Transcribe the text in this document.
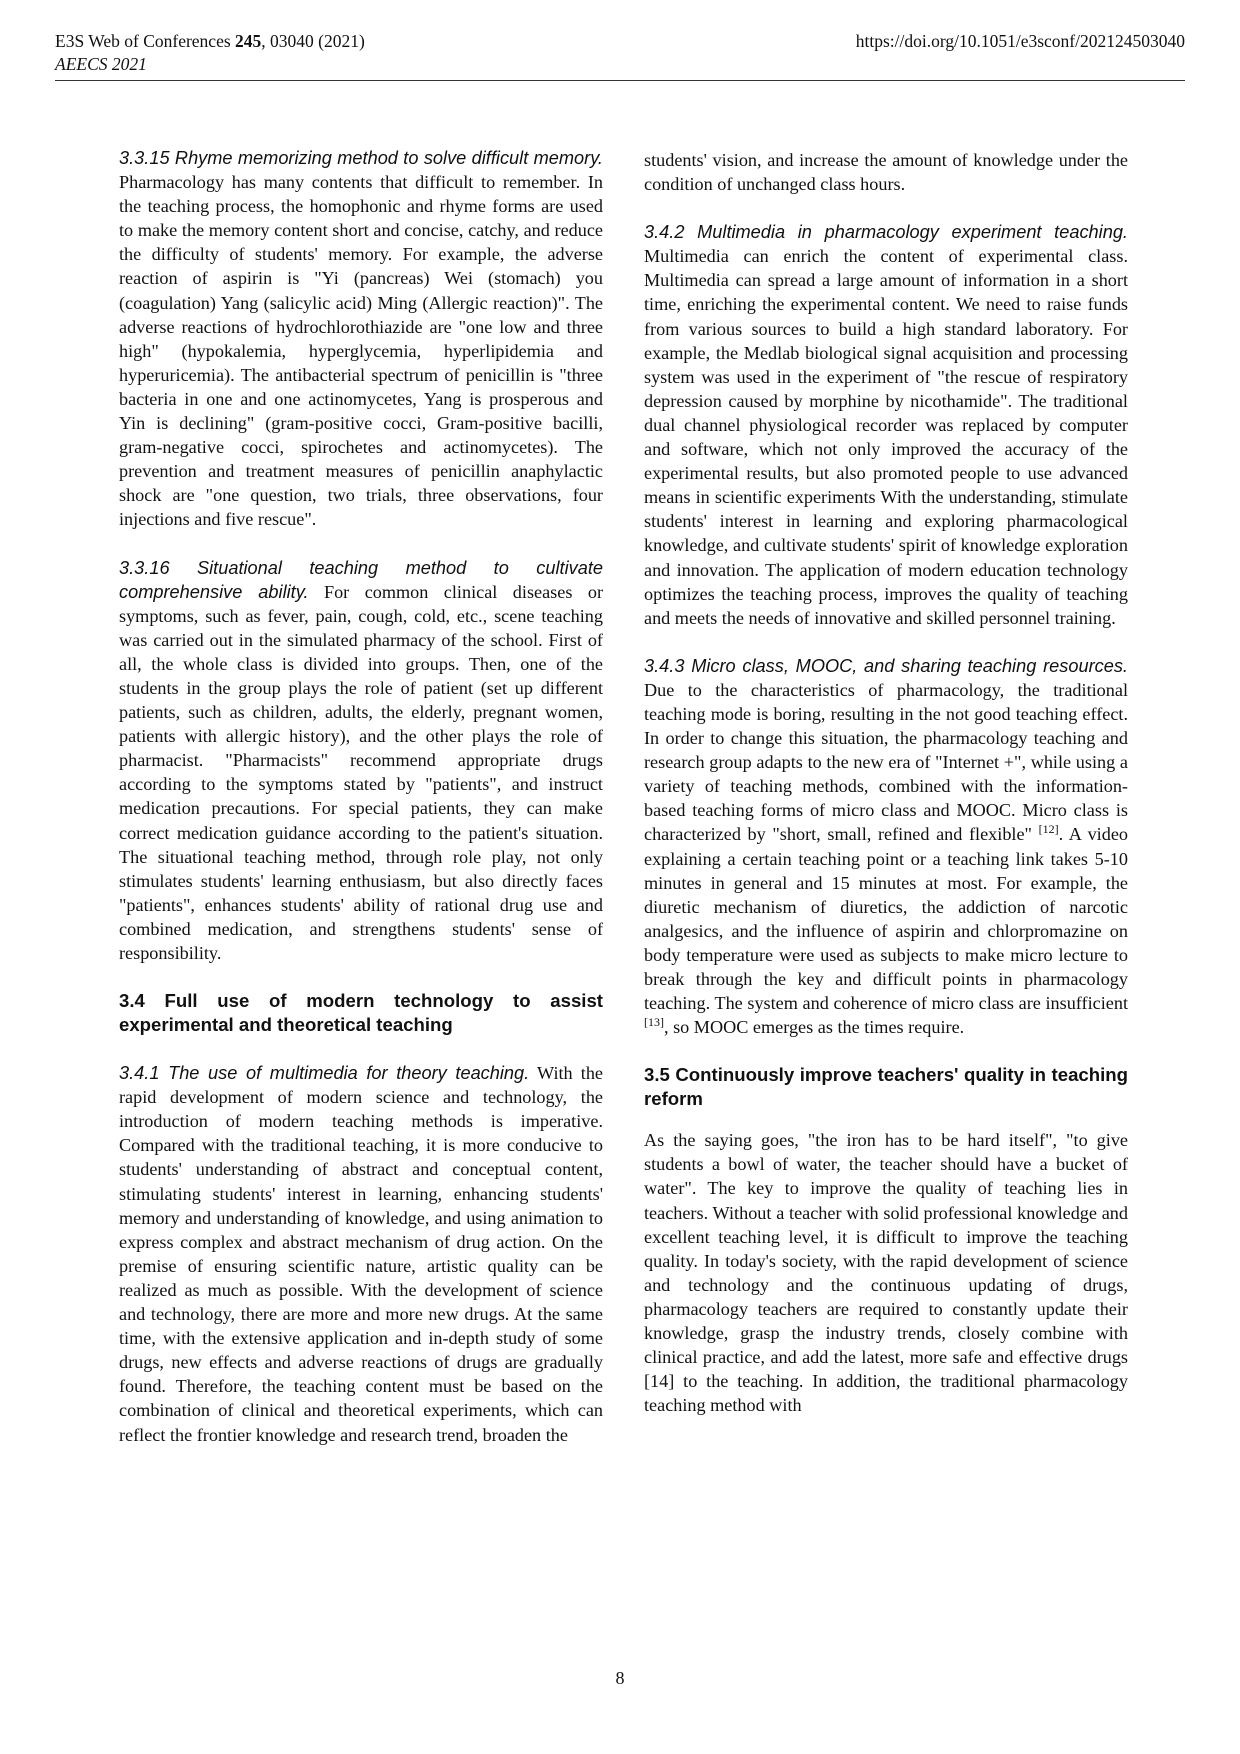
E3S Web of Conferences 245, 03040 (2021)
AEECS 2021
https://doi.org/10.1051/e3sconf/202124503040

3.3.15 Rhyme memorizing method to solve difficult memory. Pharmacology has many contents that difficult to remember. In the teaching process, the homophonic and rhyme forms are used to make the memory content short and concise, catchy, and reduce the difficulty of students' memory. For example, the adverse reaction of aspirin is "Yi (pancreas) Wei (stomach) you (coagulation) Yang (salicylic acid) Ming (Allergic reaction)". The adverse reactions of hydrochlorothiazide are "one low and three high" (hypokalemia, hyperglycemia, hyperlipidemia and hyperuricemia). The antibacterial spectrum of penicillin is "three bacteria in one and one actinomycetes, Yang is prosperous and Yin is declining" (gram-positive cocci, Gram-positive bacilli, gram-negative cocci, spirochetes and actinomycetes). The prevention and treatment measures of penicillin anaphylactic shock are "one question, two trials, three observations, four injections and five rescue".

3.3.16 Situational teaching method to cultivate comprehensive ability. For common clinical diseases or symptoms, such as fever, pain, cough, cold, etc., scene teaching was carried out in the simulated pharmacy of the school. First of all, the whole class is divided into groups. Then, one of the students in the group plays the role of patient (set up different patients, such as children, adults, the elderly, pregnant women, patients with allergic history), and the other plays the role of pharmacist. "Pharmacists" recommend appropriate drugs according to the symptoms stated by "patients", and instruct medication precautions. For special patients, they can make correct medication guidance according to the patient's situation. The situational teaching method, through role play, not only stimulates students' learning enthusiasm, but also directly faces "patients", enhances students' ability of rational drug use and combined medication, and strengthens students' sense of responsibility.

3.4 Full use of modern technology to assist experimental and theoretical teaching

3.4.1 The use of multimedia for theory teaching. With the rapid development of modern science and technology, the introduction of modern teaching methods is imperative. Compared with the traditional teaching, it is more conducive to students' understanding of abstract and conceptual content, stimulating students' interest in learning, enhancing students' memory and understanding of knowledge, and using animation to express complex and abstract mechanism of drug action. On the premise of ensuring scientific nature, artistic quality can be realized as much as possible. With the development of science and technology, there are more and more new drugs. At the same time, with the extensive application and in-depth study of some drugs, new effects and adverse reactions of drugs are gradually found. Therefore, the teaching content must be based on the combination of clinical and theoretical experiments, which can reflect the frontier knowledge and research trend, broaden the

students' vision, and increase the amount of knowledge under the condition of unchanged class hours.

3.4.2 Multimedia in pharmacology experiment teaching. Multimedia can enrich the content of experimental class. Multimedia can spread a large amount of information in a short time, enriching the experimental content. We need to raise funds from various sources to build a high standard laboratory. For example, the Medlab biological signal acquisition and processing system was used in the experiment of "the rescue of respiratory depression caused by morphine by nicothamide". The traditional dual channel physiological recorder was replaced by computer and software, which not only improved the accuracy of the experimental results, but also promoted people to use advanced means in scientific experiments With the understanding, stimulate students' interest in learning and exploring pharmacological knowledge, and cultivate students' spirit of knowledge exploration and innovation. The application of modern education technology optimizes the teaching process, improves the quality of teaching and meets the needs of innovative and skilled personnel training.

3.4.3 Micro class, MOOC, and sharing teaching resources. Due to the characteristics of pharmacology, the traditional teaching mode is boring, resulting in the not good teaching effect. In order to change this situation, the pharmacology teaching and research group adapts to the new era of "Internet +", while using a variety of teaching methods, combined with the information-based teaching forms of micro class and MOOC. Micro class is characterized by "short, small, refined and flexible" [12]. A video explaining a certain teaching point or a teaching link takes 5-10 minutes in general and 15 minutes at most. For example, the diuretic mechanism of diuretics, the addiction of narcotic analgesics, and the influence of aspirin and chlorpromazine on body temperature were used as subjects to make micro lecture to break through the key and difficult points in pharmacology teaching. The system and coherence of micro class are insufficient [13], so MOOC emerges as the times require.

3.5 Continuously improve teachers' quality in teaching reform

As the saying goes, "the iron has to be hard itself", "to give students a bowl of water, the teacher should have a bucket of water". The key to improve the quality of teaching lies in teachers. Without a teacher with solid professional knowledge and excellent teaching level, it is difficult to improve the teaching quality. In today's society, with the rapid development of science and technology and the continuous updating of drugs, pharmacology teachers are required to constantly update their knowledge, grasp the industry trends, closely combine with clinical practice, and add the latest, more safe and effective drugs [14] to the teaching. In addition, the traditional pharmacology teaching method with

8
